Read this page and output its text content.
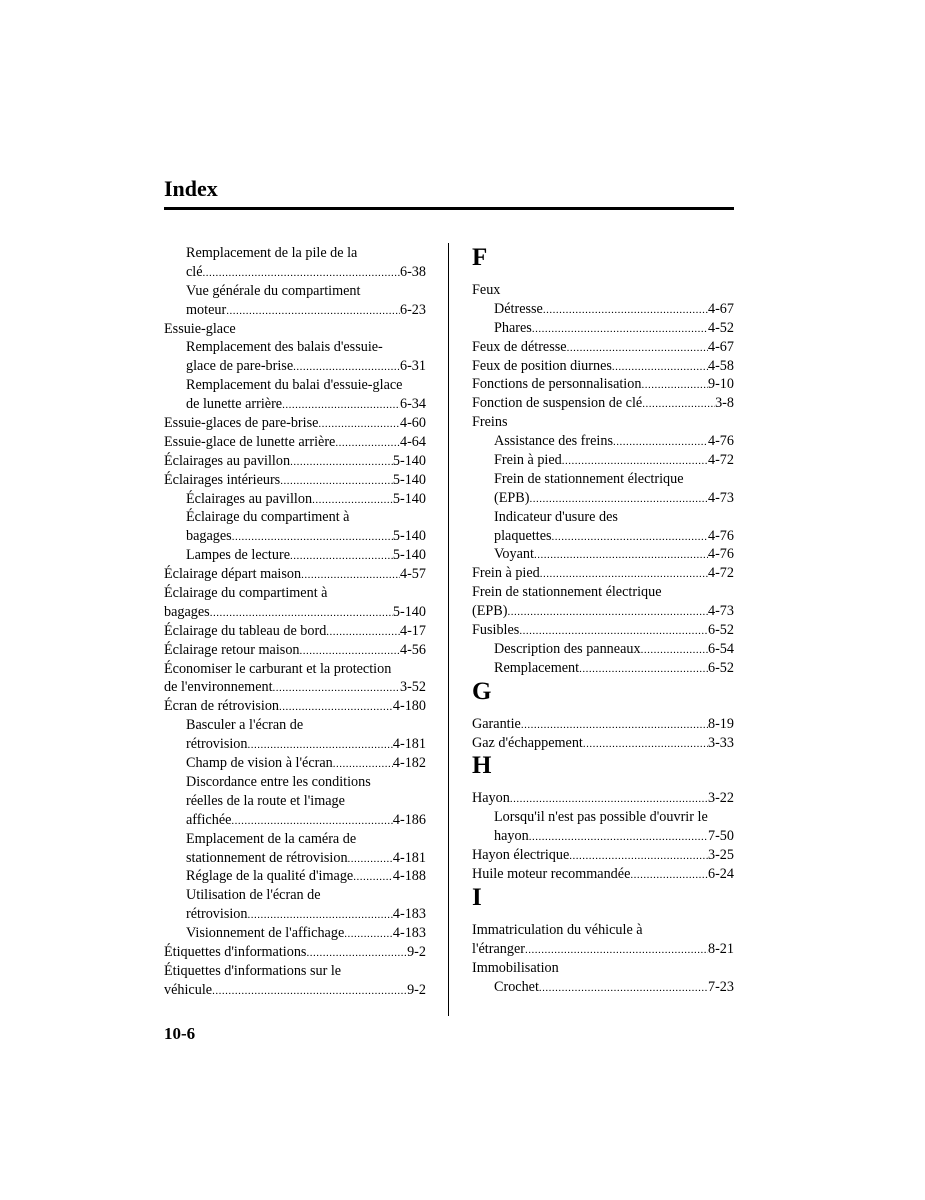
Index
Remplacement de la pile de la
clé .....	6-38
Vue générale du compartiment
moteur .....	6-23
Essuie-glace
Remplacement des balais d'essuie-
glace de pare-brise .....	6-31
Remplacement du balai d'essuie-glace
de lunette arrière .....	6-34
Essuie-glaces de pare-brise .....	4-60
Essuie-glace de lunette arrière .....	4-64
Éclairages au pavillon .....	5-140
Éclairages intérieurs .....	5-140
Éclairages au pavillon .....	5-140
Éclairage du compartiment à
bagages .....	5-140
Lampes de lecture .....	5-140
Éclairage départ maison .....	4-57
Éclairage du compartiment à
bagages .....	5-140
Éclairage du tableau de bord .....	4-17
Éclairage retour maison .....	4-56
Économiser le carburant et la protection
de l'environnement .....	3-52
Écran de rétrovision .....	4-180
Basculer a l'écran de
rétrovision .....	4-181
Champ de vision à l'écran .....	4-182
Discordance entre les conditions
réelles de la route et l'image
affichée .....	4-186
Emplacement de la caméra de
stationnement de rétrovision .....	4-181
Réglage de la qualité d'image .....	4-188
Utilisation de l'écran de
rétrovision .....	4-183
Visionnement de l'affichage .....	4-183
Étiquettes d'informations .....	9-2
Étiquettes d'informations sur le
véhicule .....	9-2
F
Feux
Détresse .....	4-67
Phares .....	4-52
Feux de détresse .....	4-67
Feux de position diurnes .....	4-58
Fonctions de personnalisation .....	9-10
Fonction de suspension de clé .....	3-8
Freins
Assistance des freins .....	4-76
Frein à pied .....	4-72
Frein de stationnement électrique
(EPB) .....	4-73
Indicateur d'usure des
plaquettes .....	4-76
Voyant .....	4-76
Frein à pied .....	4-72
Frein de stationnement électrique
(EPB) .....	4-73
Fusibles .....	6-52
Description des panneaux .....	6-54
Remplacement .....	6-52
G
Garantie .....	8-19
Gaz d'échappement .....	3-33
H
Hayon .....	3-22
Lorsqu'il n'est pas possible d'ouvrir le
hayon .....	7-50
Hayon électrique .....	3-25
Huile moteur recommandée .....	6-24
I
Immatriculation du véhicule à
l'étranger .....	8-21
Immobilisation
Crochet .....	7-23
10-6
